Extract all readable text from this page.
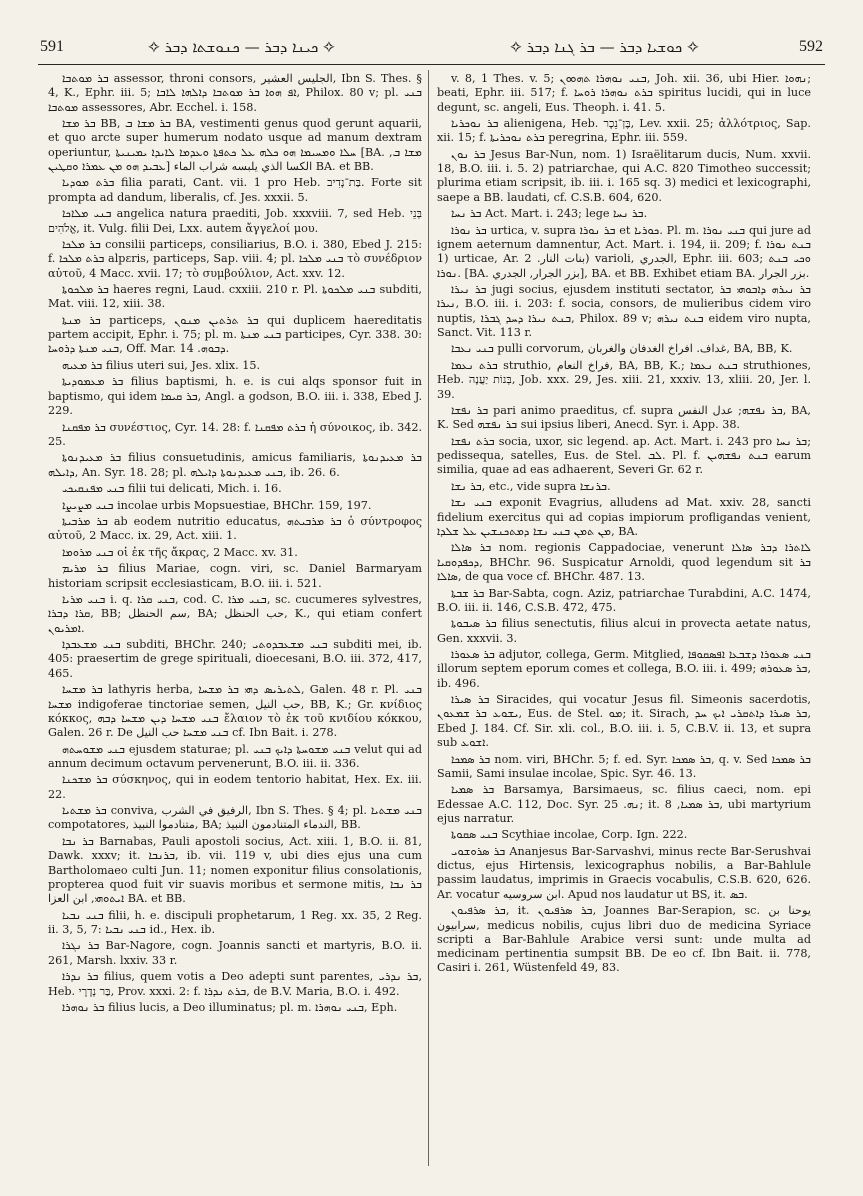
591	✧ ܟܝܢܐ ܕܒܪ — ܟܢܘܫܬܐ ܕܒܪ ✧	✧ ܟܘܫܝܐ ܕܒܪ — ܒܪ ܓܢܐ ܕܒܪ ✧	592

ܒܪ ܡܘܬܒܐ assessor, throni consors, الجليس العشير, Ibn S. Thes. § 4, K., Ephr. iii. 5; ܐܦ ܗܘܐ ܒܪ ܡܘܬܒܐ ܕܐܠܗܐ ܠܐܒܐ, Philox. 80 v; pl. ܒܢܝ ܡܘܬܒܐ assessores, Abr. Ecchel. i. 158.

ܒܪ ܡܫܐ BB, ܒܪ ܡܫܐ ܒ BA, vestimenti genus quod gerunt aquarii, et quo arcte super humerum nodato usque ad manum dextram operiuntur, ܚܠܐ ܘܡܚܝܡܐ ܗܘ ܟܠܗ ܥܠ ܟܬܦܬܐ ܘܥܕܡܐ ܠܐܝܕܐ ܝܡܝܢܝܬܐ [BA. ܡܫܐ ܒ, ܥܒܝܕ ܗܘ ܡܢ ܥܡܪܐ ܘܩܛܝܢ] الكسا الذي يلبسه شراب الماء BA. et BB.

ܒܪܬ ܡܘܕܝܐ filia parati, Cant. vii. 1 pro Heb. בַּת־נָדִיב. Forte sit prompta ad dandum, liberalis, cf. Jes. xxxii. 5.

ܒܢܝ ܡܠܐܟܐ angelica natura praediti, Job. xxxviii. 7, sed Heb. בְּנֵי אֱלֹהִים, it. Vulg. filii Dei, Lxx. autem ἄγγελοί μου.

ܒܪ ܡܠܟܐ consilii particeps, consiliarius, B.O. i. 380, Ebed J. 215: f. ܒܪܬ ܡܠܟܐ alpεris, particeps, Sap. viii. 4; pl. ܒܢܝ ܡܠܟܐ τὸ συνέδριον αὐτοῦ, 4 Macc. xvii. 17; τὸ συμβούλιον, Act. xxv. 12.

ܒܪ ܡܠܟܘܬܐ haeres regni, Laud. cxxiii. 210 r. Pl. ܒܢܝ ܡܠܟܘܬܐ subditi, Mat. viii. 12, xiii. 38.

ܒܪ ܡܢܬܐ particeps, ܒܪ ܬܪܬܝܢ ܡܢܘܢ qui duplicem haereditatis partem accipit, Ephr. i. 75; pl. m. ܒܢܝ ܡܢܬܐ participes, Cyr. 338. 30: ܒܢܝ ܡܢܬܐ ܕܪܘܚܐ, Off. Mar. ܕܒܘܗ. 14.

ܒܪ ܡܥܝܗ filius uteri sui, Jes. xlix. 15.

ܒܪ ܡܥܡܘܕܝܬܐ filius baptismi, h. e. is cui alqs sponsor fuit in baptismo, qui idem ܒܪ ܩܝܡܐ, Angl. a godson, B.O. iii. i. 338, Ebed J. 229.

ܒܪ ܡܦܩܢܐ συνέστιος, Cyr. 14. 28: f. ܒܪܬ ܡܦܩܢܐ ἡ σύνοικος, ib. 342. 25.

ܒܪ ܡܥܝܕܢܘܬܐ filius consuetudinis, amicus familiaris, ܒܪ ܡܥܝܕܢܘܬܐ ܕܐܝܠܗ, An. Syr. 18. 28; pl. ܒܢܝ ܡܥܝܕܢܘܬܐ ܕܐܝܠܗ, ib. 26. 6.

ܒܢܝ ܡܦܢܩܝܟܝ filii tui delicati, Mich. i. 16.

ܒܢܝ ܡܨܝܨܐ incolae urbis Mopsuestiae, BHChr. 159, 197.

ܒܪ ܡܪܒܝܬܐ ab eodem nutritio educatus, ܒܪ ܡܪܒܝܬܗ ὁ σύντροφος αὐτοῦ, 2 Macc. ix. 29, Act. xiii. 1.

ܒܢܝ ܡܪܘܡܐ οἱ ἐκ τῆς ἄκρας, 2 Macc. xv. 31.

ܒܪ ܡܪܝܡ filius Mariae, cogn. viri, sc. Daniel Barmaryam historiam scripsit ecclesiasticam, B.O. iii. i. 521.

ܒܢܝ ܡܪܝܐ i. q. ܒܢܝ ܩܪܐ, cod. C. ܒܢܝ ܡܪܐ, sc. cucumeres sylvestres, ܩܪܐ ܕܒܪܐ, BB; سم الحنظل, BA; حب الحنظل, K., qui etiam confert ܐܡܪܝܘܢ.

ܒܢܝ ܡܫܥܒܕܐ subditi, BHChr. 240; ܒܢܝ ܡܫܥܒܕܘܬܝ subditi mei, ib. 405: praesertim de grege spirituali, dioecesani, B.O. iii. 372, 417, 465.

ܒܪ ܡܫܚܐ lathyris herba, ܠܬܝܪܝܣ ܕܗܝ ܒܪ ܡܫܚܐ, Galen. 48 r. Pl. ܒܢܝ ܡܫܚܐ indigoferae tinctoriae semen, حب النيل, BB, K.; Gr. κνίδιος κόκκος, ܒܢܝ ܡܫܚܐ ܕܝܢ ܡܫܚܐ ܕܒܗ ἔλαιον τὸ ἐκ τοῦ κνιδίου κόκκου, Galen. 26 r. De ܒܢܝ ܡܫܚܐ حب النيل cf. Ibn Bait. i. 278.

ܒܢܝ ܡܫܘܚܬܗ ejusdem staturae; pl. ܒܢܝ ܡܫܘܚܬܐ ܕܐܝܟ ܒܢܝ velut qui ad annum decimum octavum pervenerunt, B.O. iii. ii. 336.

ܒܪ ܡܫܟܢܐ σύσκηνος, qui in eodem tentorio habitat, Hex. Ex. iii. 22.

ܒܪ ܡܫܬܝܐ conviva, الرفيق في الشرب, Ibn S. Thes. § 4; pl. ܒܢܝ ܡܫܬܝܐ compotatores, متنادموا النبيذ, BA; الندماء المتنادمون النبيذ, BB.

ܒܪ ܢܒܐ Barnabas, Pauli apostoli socius, Act. xiii. 1, B.O. ii. 81, Dawk. xxxv; it. ܒܪܢܒܐ, ib. vii. 119 v, ubi dies ejus una cum Bartholomaeo culti Jun. 11; nomen exponitur filius consolationis, propterea quod fuit vir suavis moribus et sermone mitis, ܒܪ ܢܒܐ ܐܝܬܘܗܝ, ابن العزا BA. et BB.

ܒܢܝ ܢܒܝܐ filii, h. e. discipuli prophetarum, 1 Reg. xx. 35, 2 Reg. ii. 3, 5, 7: ܒܢܝ ܢܒܝܐ id., Hex. ib.

ܒܪ ܢܓܪܐ Bar-Nagore, cogn. Joannis sancti et martyris, B.O. ii. 261, Marsh. lxxiv. 33 r.

ܒܪ ܢܕܪܐ filius, quem votis a Deo adepti sunt parentes, ܒܪ ܢܕܪܝ, Heb. בַּר נְדָרָי, Prov. xxxi. 2: f. ܒܪܬ ܢܕܪܐ, de B.V. Maria, B.O. i. 492.

ܒܪ ܢܘܗܪܐ filius lucis, a Deo illuminatus; pl. m. ܒܢܝ ܢܘܗܪܐ, Eph.

v. 8, 1 Thes. v. 5; ܒܢܝ ܢܘܗܪܐ ܬܗܘܘܢ, Joh. xii. 36, ubi Hier. ܢܗܘܐ; beati, Ephr. iii. 517; f. ܒܪܬ ܢܘܗܪܐ ܪܘܚܐ spiritus lucidi, qui in luce degunt, sc. angeli, Eus. Theoph. i. 41. 5.

ܒܪ ܢܘܟܪܝܐ alienigena, Heb. בֶּן־נֵכָר, Lev. xxii. 25; ἀλλότριος, Sap. xii. 15; f. ܒܪܬ ܢܘܟܪܝܬܐ peregrina, Ephr. iii. 559.

ܒܪ ܢܘܢ Jesus Bar-Nun, nom. 1) Israëlitarum ducis, Num. xxvii. 18, B.O. iii. i. 5. 2) patriarchae, qui A.C. 820 Timotheo successit; plurima etiam scripsit, ib. iii. i. 165 sq. 3) medici et lexicographi, saepe a BB. laudati, cf. C.S.B. 604, 620.

ܒܪ ܢܚܐ Act. Mart. i. 243; lege ܒܪ ܢܚܐ.

ܒܪ ܢܘܪܐ urtica, v. supra ܒܪ ܢܘܪܐ et ܟܘܪܝܐ. Pl. m. ܒܢܝ ܢܘܪܐ qui jure ad ignem aeternum damnentur, Act. Mart. i. 194, ii. 209; f. ܒܢܬ ܢܘܪܐ 1) urticae, Ar. بنات النار. 2) varioli, الجدري, Ephr. iii. 603; ܘܟܝ ܒܢܬ ܢܘܪܐ. [BA. بزر الجرار, الجدري], BA. et BB. Exhibet etiam BA. بزر الجرار.

ܒܪ ܢܝܪܐ jugi socius, ejusdem instituti sectator, ܒܪ ܢܝܪܗ ܕܐܒܘܗܝ ܒܪ ܢܝܪܐ, B.O. iii. i. 203: f. socia, consors, de mulieribus cidem viro nuptis, ܒܢܬ ܢܝܪܐ ܕܚܕ ܓܒܪܐ, Philox. 89 v; ܒܢܬ ܢܝܪܗ eidem viro nupta, Sanct. Vit. 113 r.

ܒܢܝ ܢܥܒܐ pulli corvorum, غداف. افراخ الغدفان والغربان, BA, BB, K.

ܒܪܬ ܢܥܡܐ struthio, فراخ النعام, BA, BB, K.; ܒܢܬ ܢܥܡܐ struthiones, Heb. בְּנוֹת יַעֲנָה, Job. xxx. 29, Jes. xiii. 21, xxxiv. 13, xliii. 20, Jer. l. 39.

ܒܪ ܢܦܫܐ pari animo praeditus, cf. supra ܒܪ ܢܦܫܗ; عدل النفس, BA, K. Sed ܒܪ ܢܦܫܗ sui ipsius liberi, Anecd. Syr. i. App. 38.

ܒܪܬ ܢܦܫܐ socia, uxor, sic legend. ap. Act. Mart. i. 243 pro ܒܪ ܢܚܐ; pedissequa, satelles, Eus. de Stel. ܠܒ. Pl. f. ܒܢܬ ܢܦܫܗܝܢ earum similia, quae ad eas adhaerent, Severi Gr. 62 r.

ܒܪ ܢܫܐ, etc., vide supra ܒܪܢܫܐ.

ܒܢܝ ܢܫܐ exponit Evagrius, alludens ad Mat. xxiv. 28, sancti fidelium exercitus qui ad copias impiorum profligandas venient, ܡܢ ܬܡܢ ܒܢܝ ܢܫܐ ܕܡܬܟܢܫܝܢ ܥܠ ܫܠܕܐ, BA.

ܒܪ ܣܐܠܐ nom. regionis Cappadociae, venerunt ܠܐܬܪܐ ܕܒܪ ܣܐܠܐ ܕܟܦܕܘܩܝܐ, BHChr. 96. Suspicatur Arnoldi, quod legendum sit ܒܪ ܣܐܠܐ, de qua voce cf. BHChr. 487. 13.

ܒܪ ܫܒܬܐ Bar-Sabta, cogn. Aziz, patriarchae Turabdini, A.C. 1474, B.O. iii. ii. 146, C.S.B. 472, 475.

ܒܪ ܣܝܒܘܬܐ filius senectutis, filius alcui in provecta aetate natus, Gen. xxxvii. 3.

ܒܪ ܣܥܘܪܐ adjutor, collega, Germ. Mitglied, ܒܢܝ ܣܥܘܪܐ ܕܫܒܥܐ ܐܦܣܩܘܦܐ illorum septem eporum comes et collega, B.O. iii. i. 499; ܒܪ ܣܥܘܪܗ, ib. 496.

ܒܪ ܣܝܪܐ Siracides, qui vocatur Jesus fil. Simeonis sacerdotis, ܝܫܘܥ ܒܪ ܫܡܥܘܢ, Eus. de Stel. ܡܘ; it. Sirach, ܒܪ ܣܝܪܐ ܕܐܬܩܪܝ ܐܝܟ ܚܕ, Ebed J. 184. Cf. Sir. xli. col., B.O. iii. i. 5, C.B.V. ii. 13, et supra sub ܐܫܘܥ.

ܒܪ ܣܡܟܐ nom. viri, BHChr. 5; f. ed. Syr. ܒܪ ܣܡܟܐ, q. v. Sed ܒܪ ܣܡܟܐ Samii, Sami insulae incolae, Spic. Syr. 46. 13.

ܒܪ ܣܡܝܐ Barsamya, Barsimaeus, sc. filius caeci, nom. epi Edessae A.C. 112, Doc. Syr. ܢܗ. 25; it. ܒܪ ܣܡܝܐ, 8, ubi martyrium ejus narratur.

ܒܢܝ ܣܩܘܬܐ Scythiae incolae, Corp. Ign. 222.

ܒܪ ܣܪܘܫܘܝ Ananjesus Bar-Sarvashvi, minus recte Bar-Serushvai dictus, ejus Hirtensis, lexicographus nobilis, a Bar-Bahlule passim laudatus, imprimis in Graecis vocabulis, C.S.B. 620, 626. Ar. vocatur ابن سروسيه. Apud nos laudatur ut BS, it. ܒܣ.

ܒܪ ܣܪܦܝܘܢ, it. ܒܪ ܣܪܦܝܘܢ, Joannes Bar-Serapion, sc. يوحنا بن سرابيون, medicus nobilis, cujus libri duo de medicina Syriace scripti a Bar-Bahlule Arabice versi sunt: unde multa ad medicinam pertinentia sumpsit BB. De eo cf. Ibn Bait. ii. 778, Casiri i. 261, Wüstenfeld 49, 83.
